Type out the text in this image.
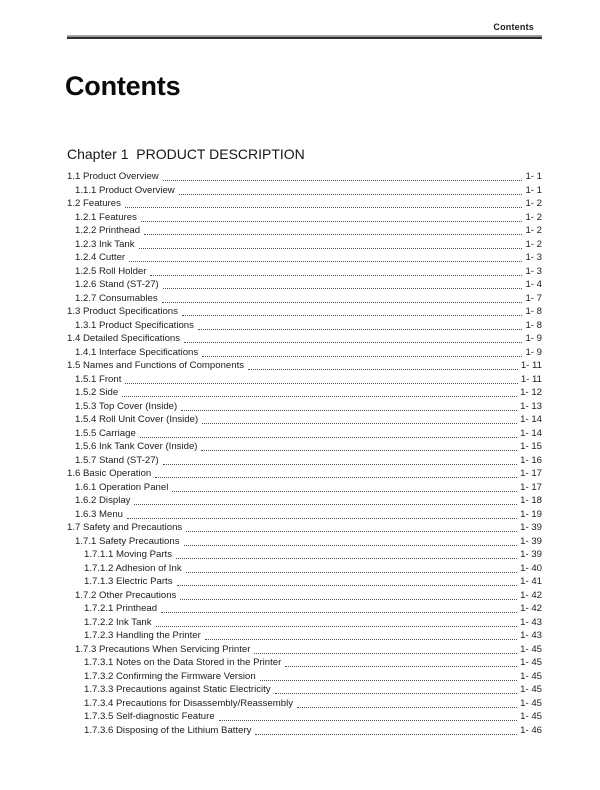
Contents
Contents
Chapter 1  PRODUCT DESCRIPTION
1.1 Product Overview	1- 1
1.1.1 Product Overview	1- 1
1.2 Features	1- 2
1.2.1 Features	1- 2
1.2.2 Printhead	1- 2
1.2.3 Ink Tank	1- 2
1.2.4 Cutter	1- 3
1.2.5 Roll Holder	1- 3
1.2.6 Stand (ST-27)	1- 4
1.2.7 Consumables	1- 7
1.3 Product Specifications	1- 8
1.3.1 Product Specifications	1- 8
1.4 Detailed Specifications	1- 9
1.4.1 Interface Specifications	1- 9
1.5 Names and Functions of Components	1- 11
1.5.1 Front	1- 11
1.5.2 Side	1- 12
1.5.3 Top Cover (Inside)	1- 13
1.5.4 Roll Unit Cover (Inside)	1- 14
1.5.5 Carriage	1- 14
1.5.6 Ink Tank Cover (Inside)	1- 15
1.5.7 Stand (ST-27)	1- 16
1.6 Basic Operation	1- 17
1.6.1 Operation Panel	1- 17
1.6.2 Display	1- 18
1.6.3 Menu	1- 19
1.7 Safety and Precautions	1- 39
1.7.1 Safety Precautions	1- 39
1.7.1.1 Moving Parts	1- 39
1.7.1.2 Adhesion of Ink	1- 40
1.7.1.3 Electric Parts	1- 41
1.7.2 Other Precautions	1- 42
1.7.2.1 Printhead	1- 42
1.7.2.2 Ink Tank	1- 43
1.7.2.3 Handling the Printer	1- 43
1.7.3 Precautions When Servicing Printer	1- 45
1.7.3.1 Notes on the Data Stored in the Printer	1- 45
1.7.3.2 Confirming the Firmware Version	1- 45
1.7.3.3 Precautions against Static Electricity	1- 45
1.7.3.4 Precautions for Disassembly/Reassembly	1- 45
1.7.3.5 Self-diagnostic Feature	1- 45
1.7.3.6 Disposing of the Lithium Battery	1- 46
